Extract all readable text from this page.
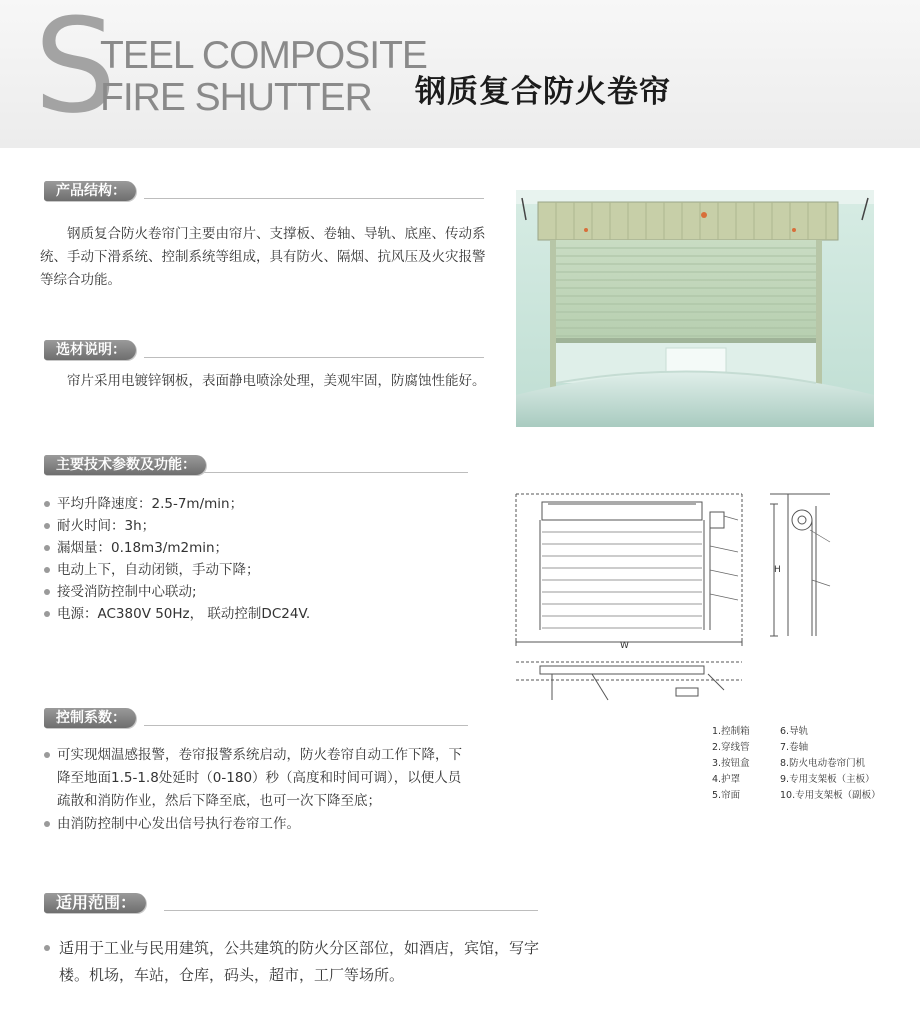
S
TEEL COMPOSITE
FIRE SHUTTER 钢质复合防火卷帘
产品结构：

钢质复合防火卷帘门主要由帘片、支撑板、卷轴、导轨、底座、传动系统、手动下滑系统、控制系统等组成，具有防火、隔烟、抗风压及火灾报警等综合功能。

选材说明：

帘片采用电镀锌钢板，表面静电喷涂处理，美观牢固，防腐蚀性能好。

主要技术参数及功能：
平均升降速度：2.5-7m/min；
耐火时间：3h；
漏烟量：0.18m3/m2min；
电动上下，自动闭锁，手动下降；
接受消防控制中心联动;
电源：AC380V 50Hz， 联动控制DC24V.
控制系数：
可实现烟温感报警，卷帘报警系统启动，防火卷帘自动工作下降，下降至地面1.5-1.8处延时（0-180）秒（高度和时间可调），以便人员疏散和消防作业，然后下降至底，也可一次下降至底；
由消防控制中心发出信号执行卷帘工作。
适用范围：
适用于工业与民用建筑，公共建筑的防火分区部位，如酒店，宾馆，写字楼。机场，车站，仓库，码头，超市，工厂等场所。
W
H
1.控制箱	6.导轨
2.穿线管	7.卷轴
3.按钮盒	8.防火电动卷帘门机
4.护罩	9.专用支架板（主板）
5.帘面	10.专用支架板（副板）
